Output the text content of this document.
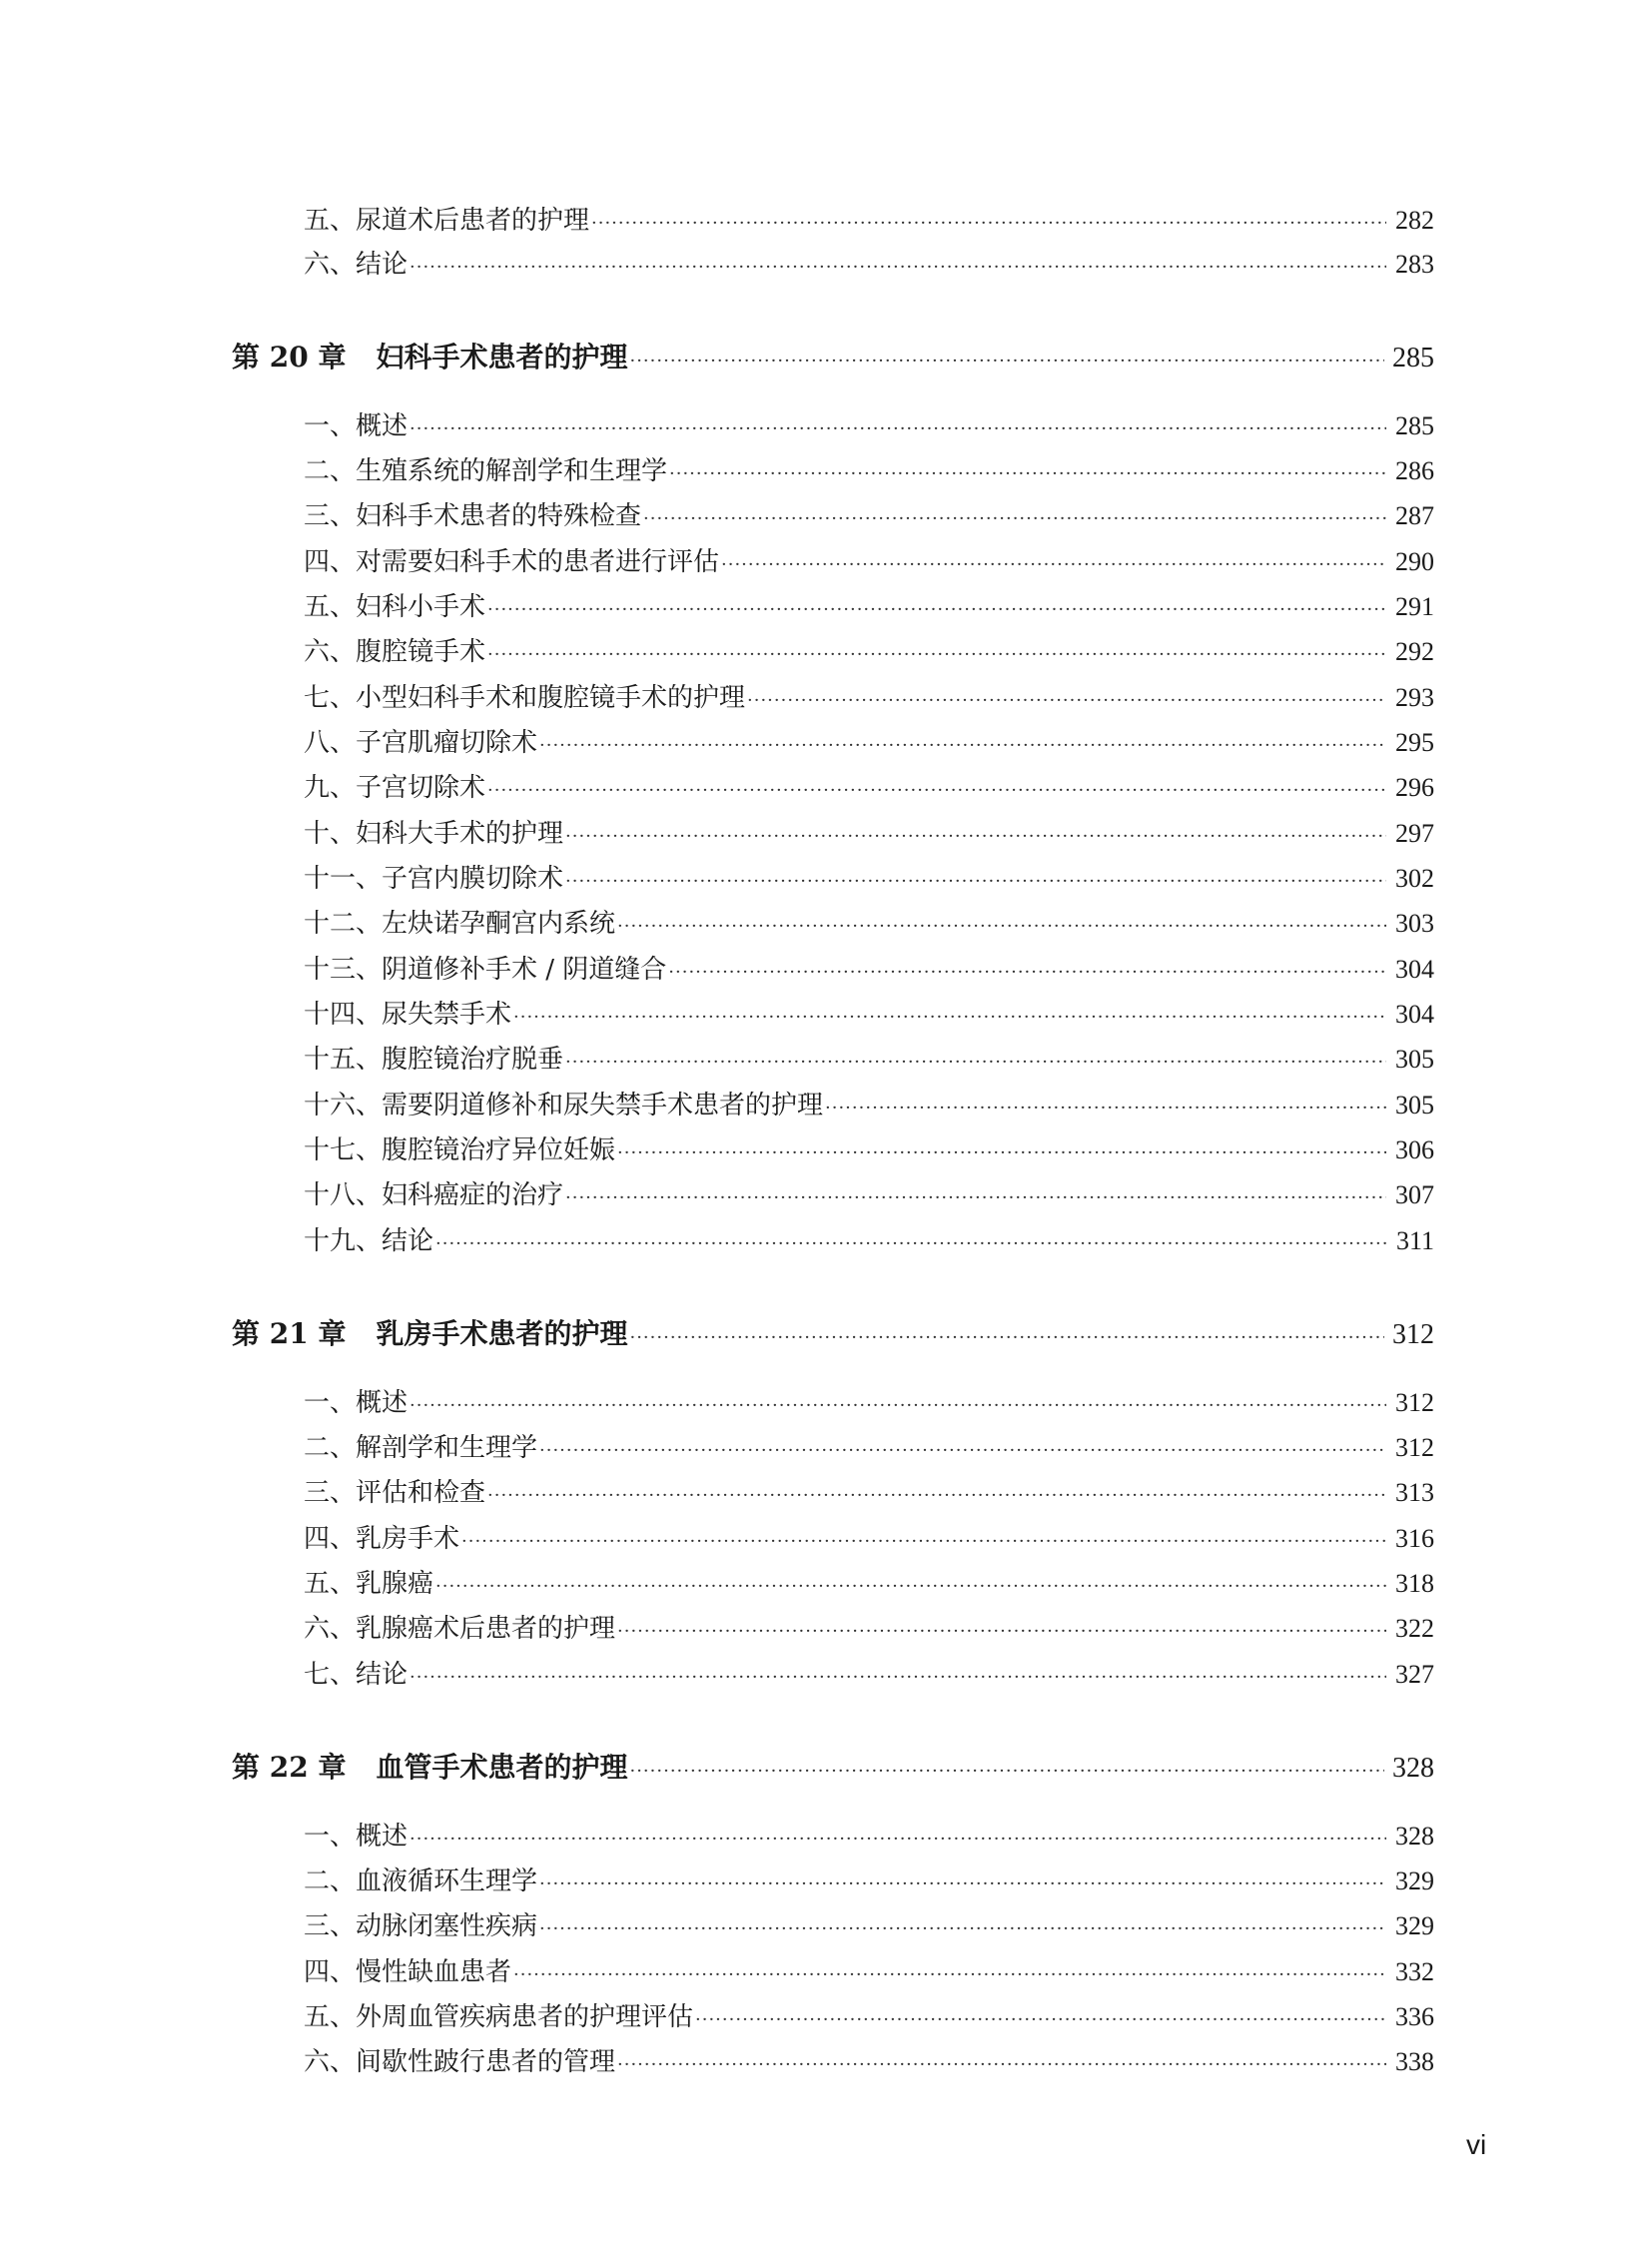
五、尿道术后患者的护理 ·····	282
六、结论 ·····	283
第 20 章 妇科手术患者的护理 ·····	285
一、概述 ·····	285
二、生殖系统的解剖学和生理学 ·····	286
三、妇科手术患者的特殊检查 ·····	287
四、对需要妇科手术的患者进行评估 ·····	290
五、妇科小手术 ·····	291
六、腹腔镜手术 ·····	292
七、小型妇科手术和腹腔镜手术的护理 ·····	293
八、子宫肌瘤切除术 ·····	295
九、子宫切除术 ·····	296
十、妇科大手术的护理 ·····	297
十一、子宫内膜切除术 ·····	302
十二、左炔诺孕酮宫内系统 ·····	303
十三、阴道修补手术 / 阴道缝合 ·····	304
十四、尿失禁手术 ·····	304
十五、腹腔镜治疗脱垂 ·····	305
十六、需要阴道修补和尿失禁手术患者的护理 ·····	305
十七、腹腔镜治疗异位妊娠 ·····	306
十八、妇科癌症的治疗 ·····	307
十九、结论 ·····	311
第 21 章 乳房手术患者的护理 ·····	312
一、概述 ·····	312
二、解剖学和生理学 ·····	312
三、评估和检查 ·····	313
四、乳房手术 ·····	316
五、乳腺癌 ·····	318
六、乳腺癌术后患者的护理 ·····	322
七、结论 ·····	327
第 22 章 血管手术患者的护理 ·····	328
一、概述 ·····	328
二、血液循环生理学 ·····	329
三、动脉闭塞性疾病 ·····	329
四、慢性缺血患者 ·····	332
五、外周血管疾病患者的护理评估 ·····	336
六、间歇性跛行患者的管理 ·····	338
vi
